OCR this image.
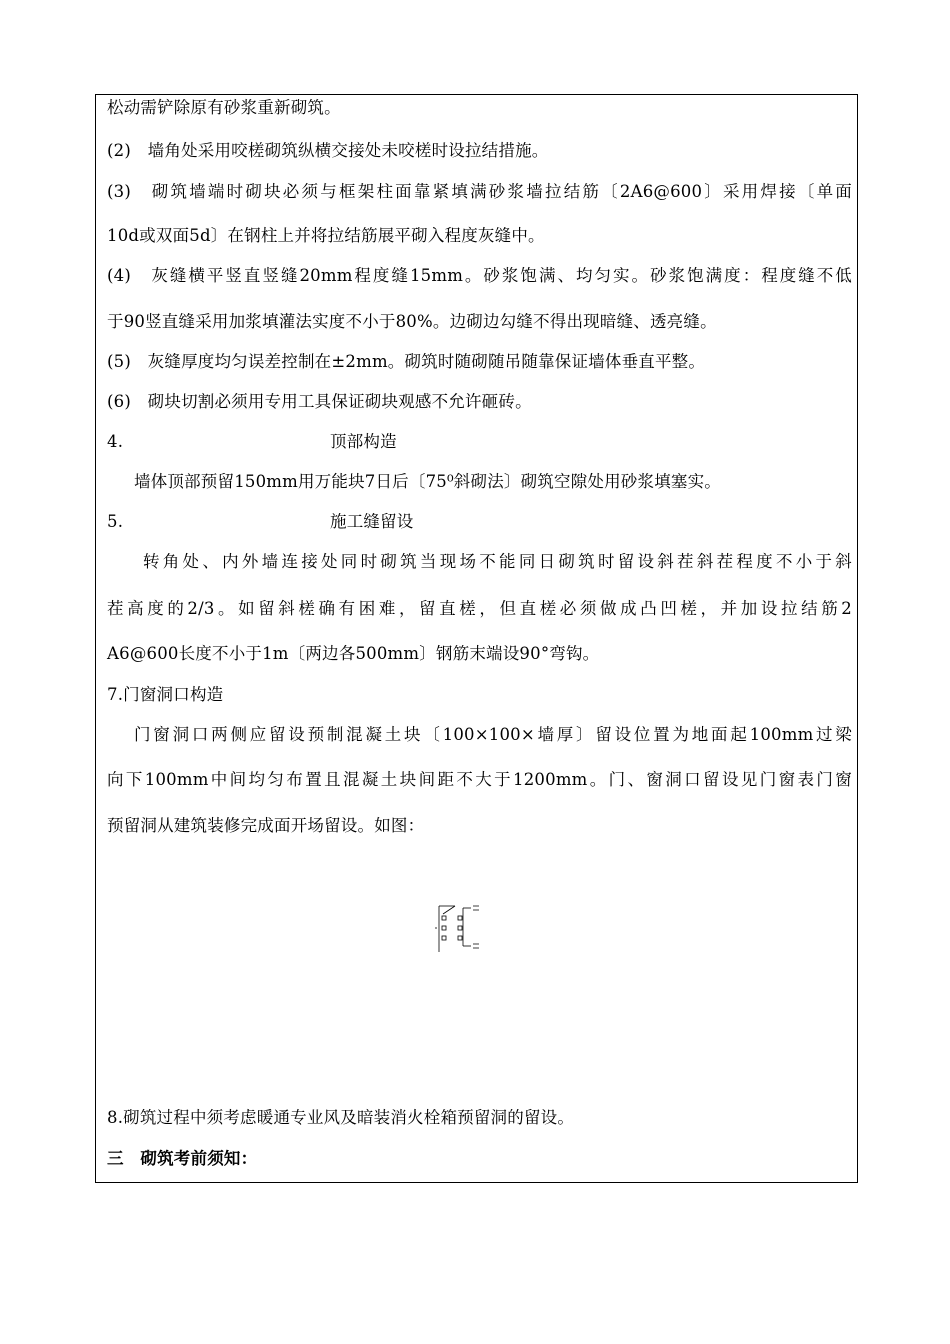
松动需铲除原有砂浆重新砌筑。
(2)　墙角处采用咬槎砌筑纵横交接处未咬槎时设拉结措施。
(3)　砌筑墙端时砌块必须与框架柱面靠紧填满砂浆墙拉结筋〔2A6@600〕采用焊接〔单面
10d或双面5d〕在钢柱上并将拉结筋展平砌入程度灰缝中。
(4)　灰缝横平竖直竖缝20mm程度缝15mm。砂浆饱满、均匀实。砂浆饱满度：程度缝不低
于90竖直缝采用加浆填灌法实度不小于80%。边砌边勾缝不得出现暗缝、透亮缝。
(5)　灰缝厚度均匀误差控制在±2mm。砌筑时随砌随吊随靠保证墙体垂直平整。
(6)　砌块切割必须用专用工具保证砌块观感不允许砸砖。
4.	顶部构造
墙体顶部预留150mm用万能块7日后〔75⁰斜砌法〕砌筑空隙处用砂浆填塞实。
5.	施工缝留设
转角处、内外墙连接处同时砌筑当现场不能同日砌筑时留设斜茬斜茬程度不小于斜
茬高度的2/3。如留斜槎确有困难，留直槎，但直槎必须做成凸凹槎，并加设拉结筋2
A6@600长度不小于1m〔两边各500mm〕钢筋末端设90°弯钩。
7.门窗洞口构造
门窗洞口两侧应留设预制混凝土块〔100×100×墙厚〕留设位置为地面起100mm过梁
向下100mm中间均匀布置且混凝土块间距不大于1200mm。门、窗洞口留设见门窗表门窗
预留洞从建筑装修完成面开场留设。如图：
8.砌筑过程中须考虑暖通专业风及暗装消火栓箱预留洞的留设。
三　砌筑考前须知：
